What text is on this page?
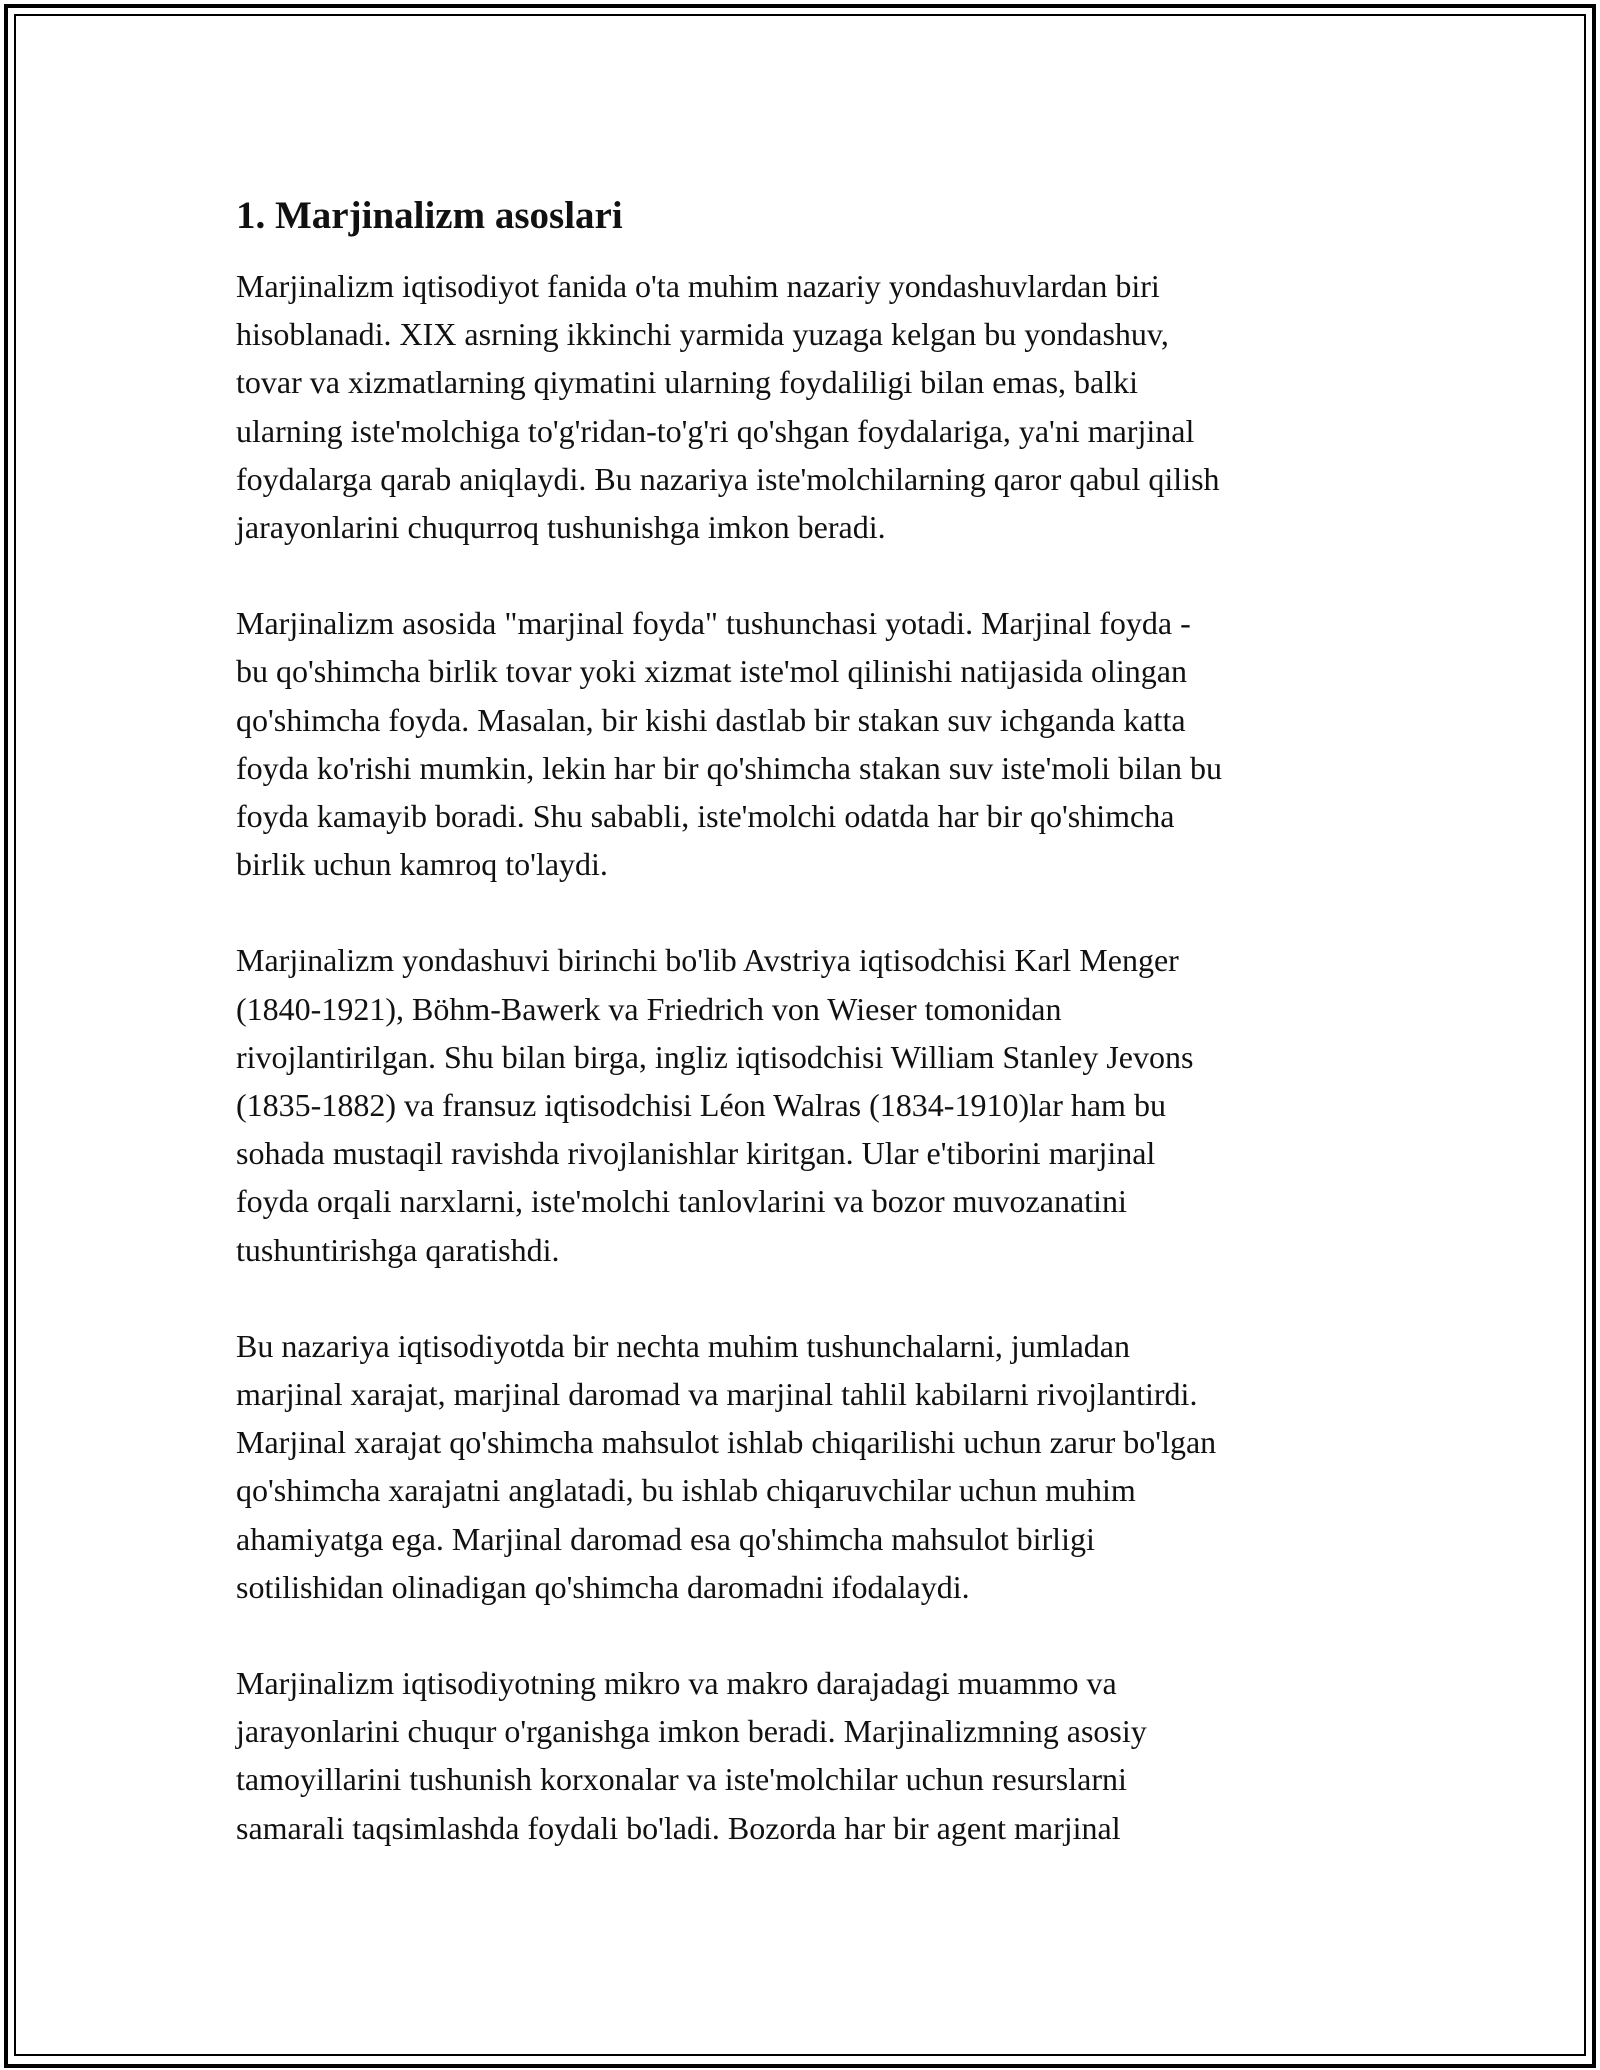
1. Marjinalizm asoslari
Marjinalizm iqtisodiyot fanida o'ta muhim nazariy yondashuvlardan biri
hisoblanadi. XIX asrning ikkinchi yarmida yuzaga kelgan bu yondashuv,
tovar va xizmatlarning qiymatini ularning foydaliligi bilan emas, balki
ularning iste'molchiga to'g'ridan-to'g'ri qo'shgan foydalariga, ya'ni marjinal
foydalarga qarab aniqlaydi. Bu nazariya iste'molchilarning qaror qabul qilish
jarayonlarini chuqurroq tushunishga imkon beradi.
Marjinalizm asosida "marjinal foyda" tushunchasi yotadi. Marjinal foyda -
bu qo'shimcha birlik tovar yoki xizmat iste'mol qilinishi natijasida olingan
qo'shimcha foyda. Masalan, bir kishi dastlab bir stakan suv ichganda katta
foyda ko'rishi mumkin, lekin har bir qo'shimcha stakan suv iste'moli bilan bu
foyda kamayib boradi. Shu sababli, iste'molchi odatda har bir qo'shimcha
birlik uchun kamroq to'laydi.
Marjinalizm yondashuvi birinchi bo'lib Avstriya iqtisodchisi Karl Menger
(1840-1921), Böhm-Bawerk va Friedrich von Wieser tomonidan
rivojlantirilgan. Shu bilan birga, ingliz iqtisodchisi William Stanley Jevons
(1835-1882) va fransuz iqtisodchisi Léon Walras (1834-1910)lar ham bu
sohada mustaqil ravishda rivojlanishlar kiritgan. Ular e'tiborini marjinal
foyda orqali narxlarni, iste'molchi tanlovlarini va bozor muvozanatini
tushuntirishga qaratishdi.
Bu nazariya iqtisodiyotda bir nechta muhim tushunchalarni, jumladan
marjinal xarajat, marjinal daromad va marjinal tahlil kabilarni rivojlantirdi.
Marjinal xarajat qo'shimcha mahsulot ishlab chiqarilishi uchun zarur bo'lgan
qo'shimcha xarajatni anglatadi, bu ishlab chiqaruvchilar uchun muhim
ahamiyatga ega. Marjinal daromad esa qo'shimcha mahsulot birligi
sotilishidan olinadigan qo'shimcha daromadni ifodalaydi.
Marjinalizm iqtisodiyotning mikro va makro darajadagi muammo va
jarayonlarini chuqur o'rganishga imkon beradi. Marjinalizmning asosiy
tamoyillarini tushunish korxonalar va iste'molchilar uchun resurslarni
samarali taqsimlashda foydali bo'ladi. Bozorda har bir agent marjinal
